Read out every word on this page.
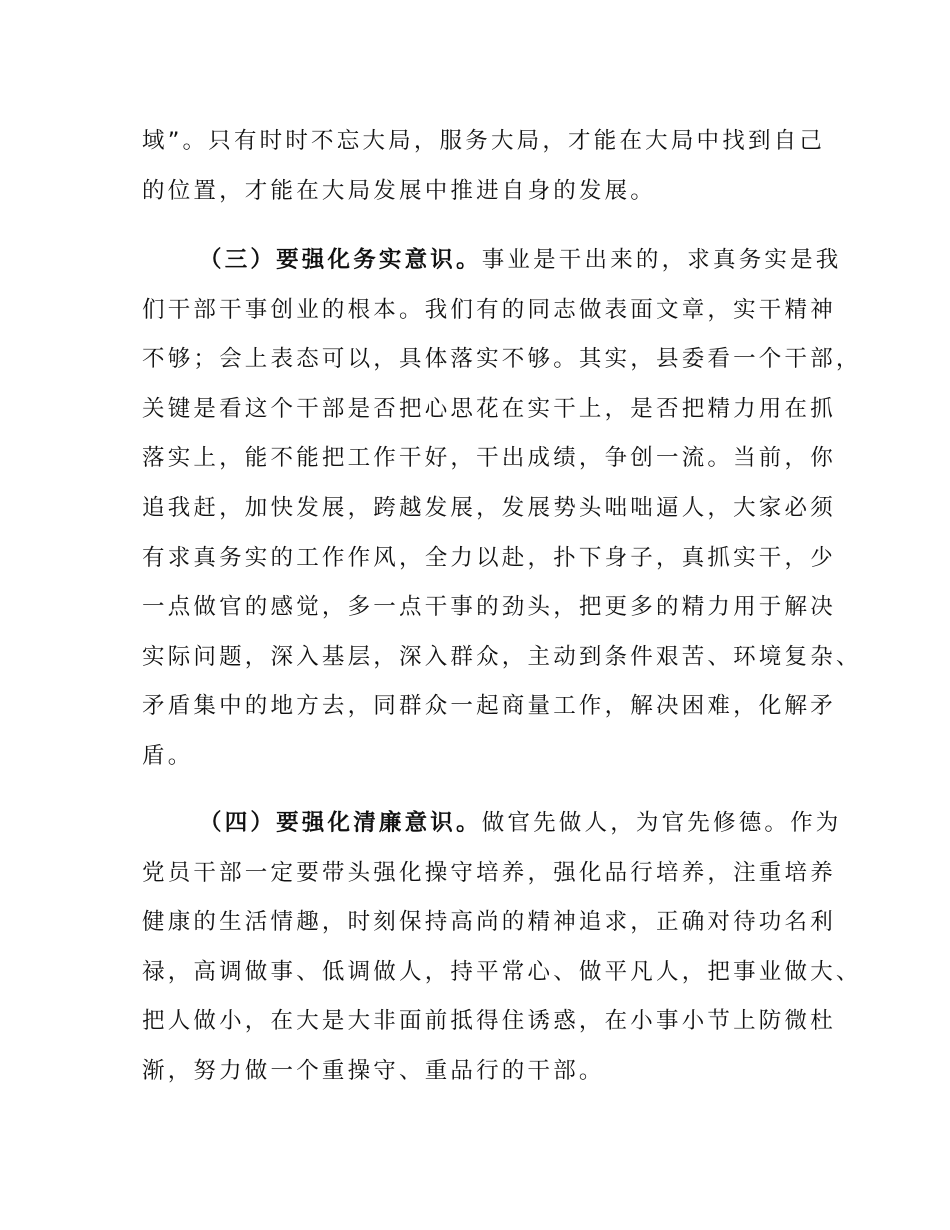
域”。只有时时不忘大局，服务大局，才能在大局中找到自己
的位置，才能在大局发展中推进自身的发展。
（三）要强化务实意识。事业是干出来的，求真务实是我
们干部干事创业的根本。我们有的同志做表面文章，实干精神
不够；会上表态可以，具体落实不够。其实，县委看一个干部，
关键是看这个干部是否把心思花在实干上，是否把精力用在抓
落实上，能不能把工作干好，干出成绩，争创一流。当前，你
追我赶，加快发展，跨越发展，发展势头咄咄逼人，大家必须
有求真务实的工作作风，全力以赴，扑下身子，真抓实干，少
一点做官的感觉，多一点干事的劲头，把更多的精力用于解决
实际问题，深入基层，深入群众，主动到条件艰苦、环境复杂、
矛盾集中的地方去，同群众一起商量工作，解决困难，化解矛
盾。
（四）要强化清廉意识。做官先做人，为官先修德。作为
党员干部一定要带头强化操守培养，强化品行培养，注重培养
健康的生活情趣，时刻保持高尚的精神追求，正确对待功名利
禄，高调做事、低调做人，持平常心、做平凡人，把事业做大、
把人做小，在大是大非面前抵得住诱惑，在小事小节上防微杜
渐，努力做一个重操守、重品行的干部。
